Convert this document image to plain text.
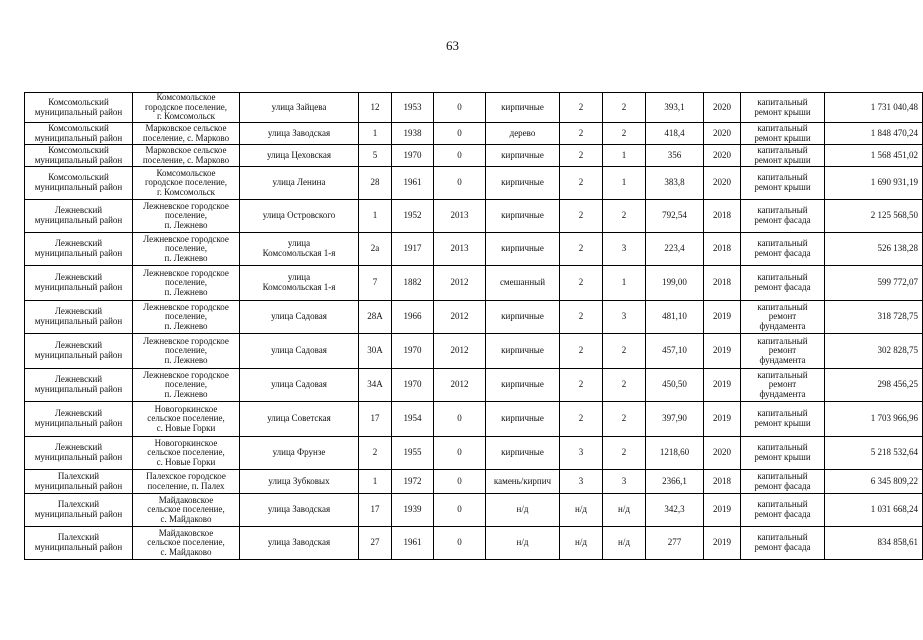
63
Комсомольский
муниципальный район	Комсомольское
городское поселение,
г. Комсомольск	улица Зайцева	12	1953	0	кирпичные	2	2	393,1	2020	капитальный
ремонт крыши	1 731 040,48
Комсомольский
муниципальный район	Марковское сельское
поселение, с. Марково	улица Заводская	1	1938	0	дерево	2	2	418,4	2020	капитальный
ремонт крыши	1 848 470,24
Комсомольский
муниципальный район	Марковское сельское
поселение, с. Марково	улица Цеховская	5	1970	0	кирпичные	2	1	356	2020	капитальный
ремонт крыши	1 568 451,02
Комсомольский
муниципальный район	Комсомольское
городское поселение,
г. Комсомольск	улица Ленина	28	1961	0	кирпичные	2	1	383,8	2020	капитальный
ремонт крыши	1 690 931,19
Лежневский
муниципальный район	Лежневское городское
поселение,
п. Лежнево	улица Островского	1	1952	2013	кирпичные	2	2	792,54	2018	капитальный
ремонт фасада	2 125 568,50
Лежневский
муниципальный район	Лежневское городское
поселение,
п. Лежнево	улица
Комсомольская 1-я	2а	1917	2013	кирпичные	2	3	223,4	2018	капитальный
ремонт фасада	526 138,28
Лежневский
муниципальный район	Лежневское городское
поселение,
п. Лежнево	улица
Комсомольская 1-я	7	1882	2012	смешанный	2	1	199,00	2018	капитальный
ремонт фасада	599 772,07
Лежневский
муниципальный район	Лежневское городское
поселение,
п. Лежнево	улица Садовая	28А	1966	2012	кирпичные	2	3	481,10	2019	капитальный
ремонт
фундамента	318 728,75
Лежневский
муниципальный район	Лежневское городское
поселение,
п. Лежнево	улица Садовая	30А	1970	2012	кирпичные	2	2	457,10	2019	капитальный
ремонт
фундамента	302 828,75
Лежневский
муниципальный район	Лежневское городское
поселение,
п. Лежнево	улица Садовая	34А	1970	2012	кирпичные	2	2	450,50	2019	капитальный
ремонт
фундамента	298 456,25
Лежневский
муниципальный район	Новогоркинское
сельское поселение,
с. Новые Горки	улица Советская	17	1954	0	кирпичные	2	2	397,90	2019	капитальный
ремонт крыши	1 703 966,96
Лежневский
муниципальный район	Новогоркинское
сельское поселение,
с. Новые Горки	улица Фрунзе	2	1955	0	кирпичные	3	2	1218,60	2020	капитальный
ремонт крыши	5 218 532,64
Палехский
муниципальный район	Палехское городское
поселение, п. Палех	улица Зубковых	1	1972	0	камень/кирпич	3	3	2366,1	2018	капитальный
ремонт фасада	6 345 809,22
Палехский
муниципальный район	Майдаковское
сельское поселение,
с. Майдаково	улица Заводская	17	1939	0	н/д	н/д	н/д	342,3	2019	капитальный
ремонт фасада	1 031 668,24
Палехский
муниципальный район	Майдаковское
сельское поселение,
с. Майдаково	улица Заводская	27	1961	0	н/д	н/д	н/д	277	2019	капитальный
ремонт фасада	834 858,61
